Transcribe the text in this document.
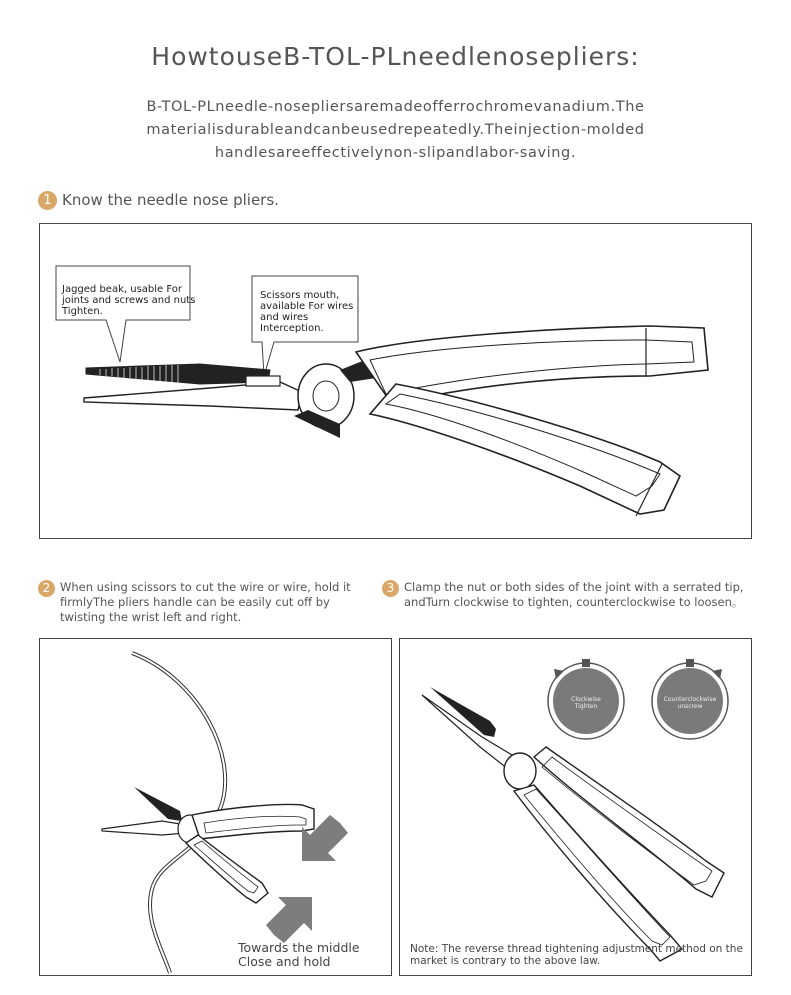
HowtouseB-TOL-PLneedlenosepliers:
B-TOL-PLneedle-nosepliersaremadeofferrochromevanadium.The
materialisdurableandcanbeusedrepeatedly.Theinjection-molded
handlesareeffectivelynon-slipandlabor-saving.
1 Know the needle nose pliers.
Jagged beak, usable For joints and screws and nuts Tighten.
Scissors mouth, available For wires and wires Interception.
2 When using scissors to cut the wire or wire, hold it firmlyThe pliers handle can be easily cut off by twisting the wrist left and right.
Towards the middle
Close and hold
3 Clamp the nut or both sides of the joint with a serrated tip, andTurn clockwise to tighten, counterclockwise to loosen。
Clockwise
Tighten
Counterclockwise
unscrew
Note: The reverse thread tightening adjustment method on the market is contrary to the above law.
